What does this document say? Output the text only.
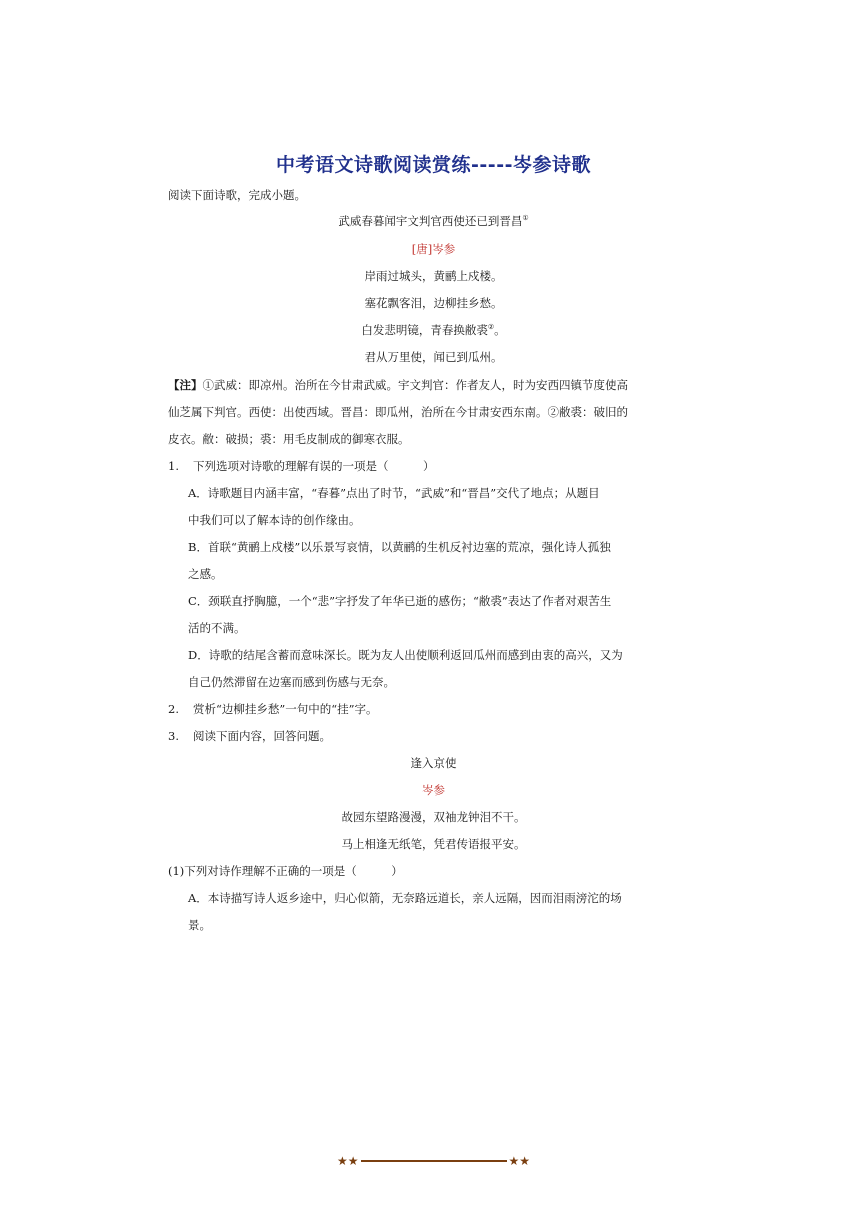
中考语文诗歌阅读赏练-----岑参诗歌
阅读下面诗歌，完成小题。
武威春暮闻宇文判官西使还已到晋昌①
[唐]岑参
岸雨过城头，黄鹂上戍楼。
塞花飘客泪，边柳挂乡愁。
白发悲明镜，青春换敝裘②。
君从万里使，闻已到瓜州。
【注】①武威：即凉州。治所在今甘肃武威。宇文判官：作者友人，时为安西四镇节度使高
仙芝属下判官。西使：出使西域。晋昌：即瓜州，治所在今甘肃安西东南。②敝裘：破旧的
皮衣。敝：破损；裘：用毛皮制成的御寒衣服。
1. 下列选项对诗歌的理解有误的一项是（　　　）
A．诗歌题目内涵丰富，“春暮”点出了时节，“武威”和“晋昌”交代了地点；从题目
中我们可以了解本诗的创作缘由。
B．首联“黄鹂上戍楼”以乐景写哀情，以黄鹂的生机反衬边塞的荒凉，强化诗人孤独
之感。
C．颈联直抒胸臆，一个“悲”字抒发了年华已逝的感伤；“敝裘”表达了作者对艰苦生
活的不满。
D．诗歌的结尾含蓄而意味深长。既为友人出使顺利返回瓜州而感到由衷的高兴，又为
自己仍然滞留在边塞而感到伤感与无奈。
2. 赏析“边柳挂乡愁”一句中的“挂”字。
3. 阅读下面内容，回答问题。
逢入京使
岑参
故园东望路漫漫，双袖龙钟泪不干。
马上相逢无纸笔，凭君传语报平安。
(1)下列对诗作理解不正确的一项是（　　　）
A．本诗描写诗人返乡途中，归心似箭，无奈路远道长，亲人远隔，因而泪雨滂沱的场
景。
★★	★★
